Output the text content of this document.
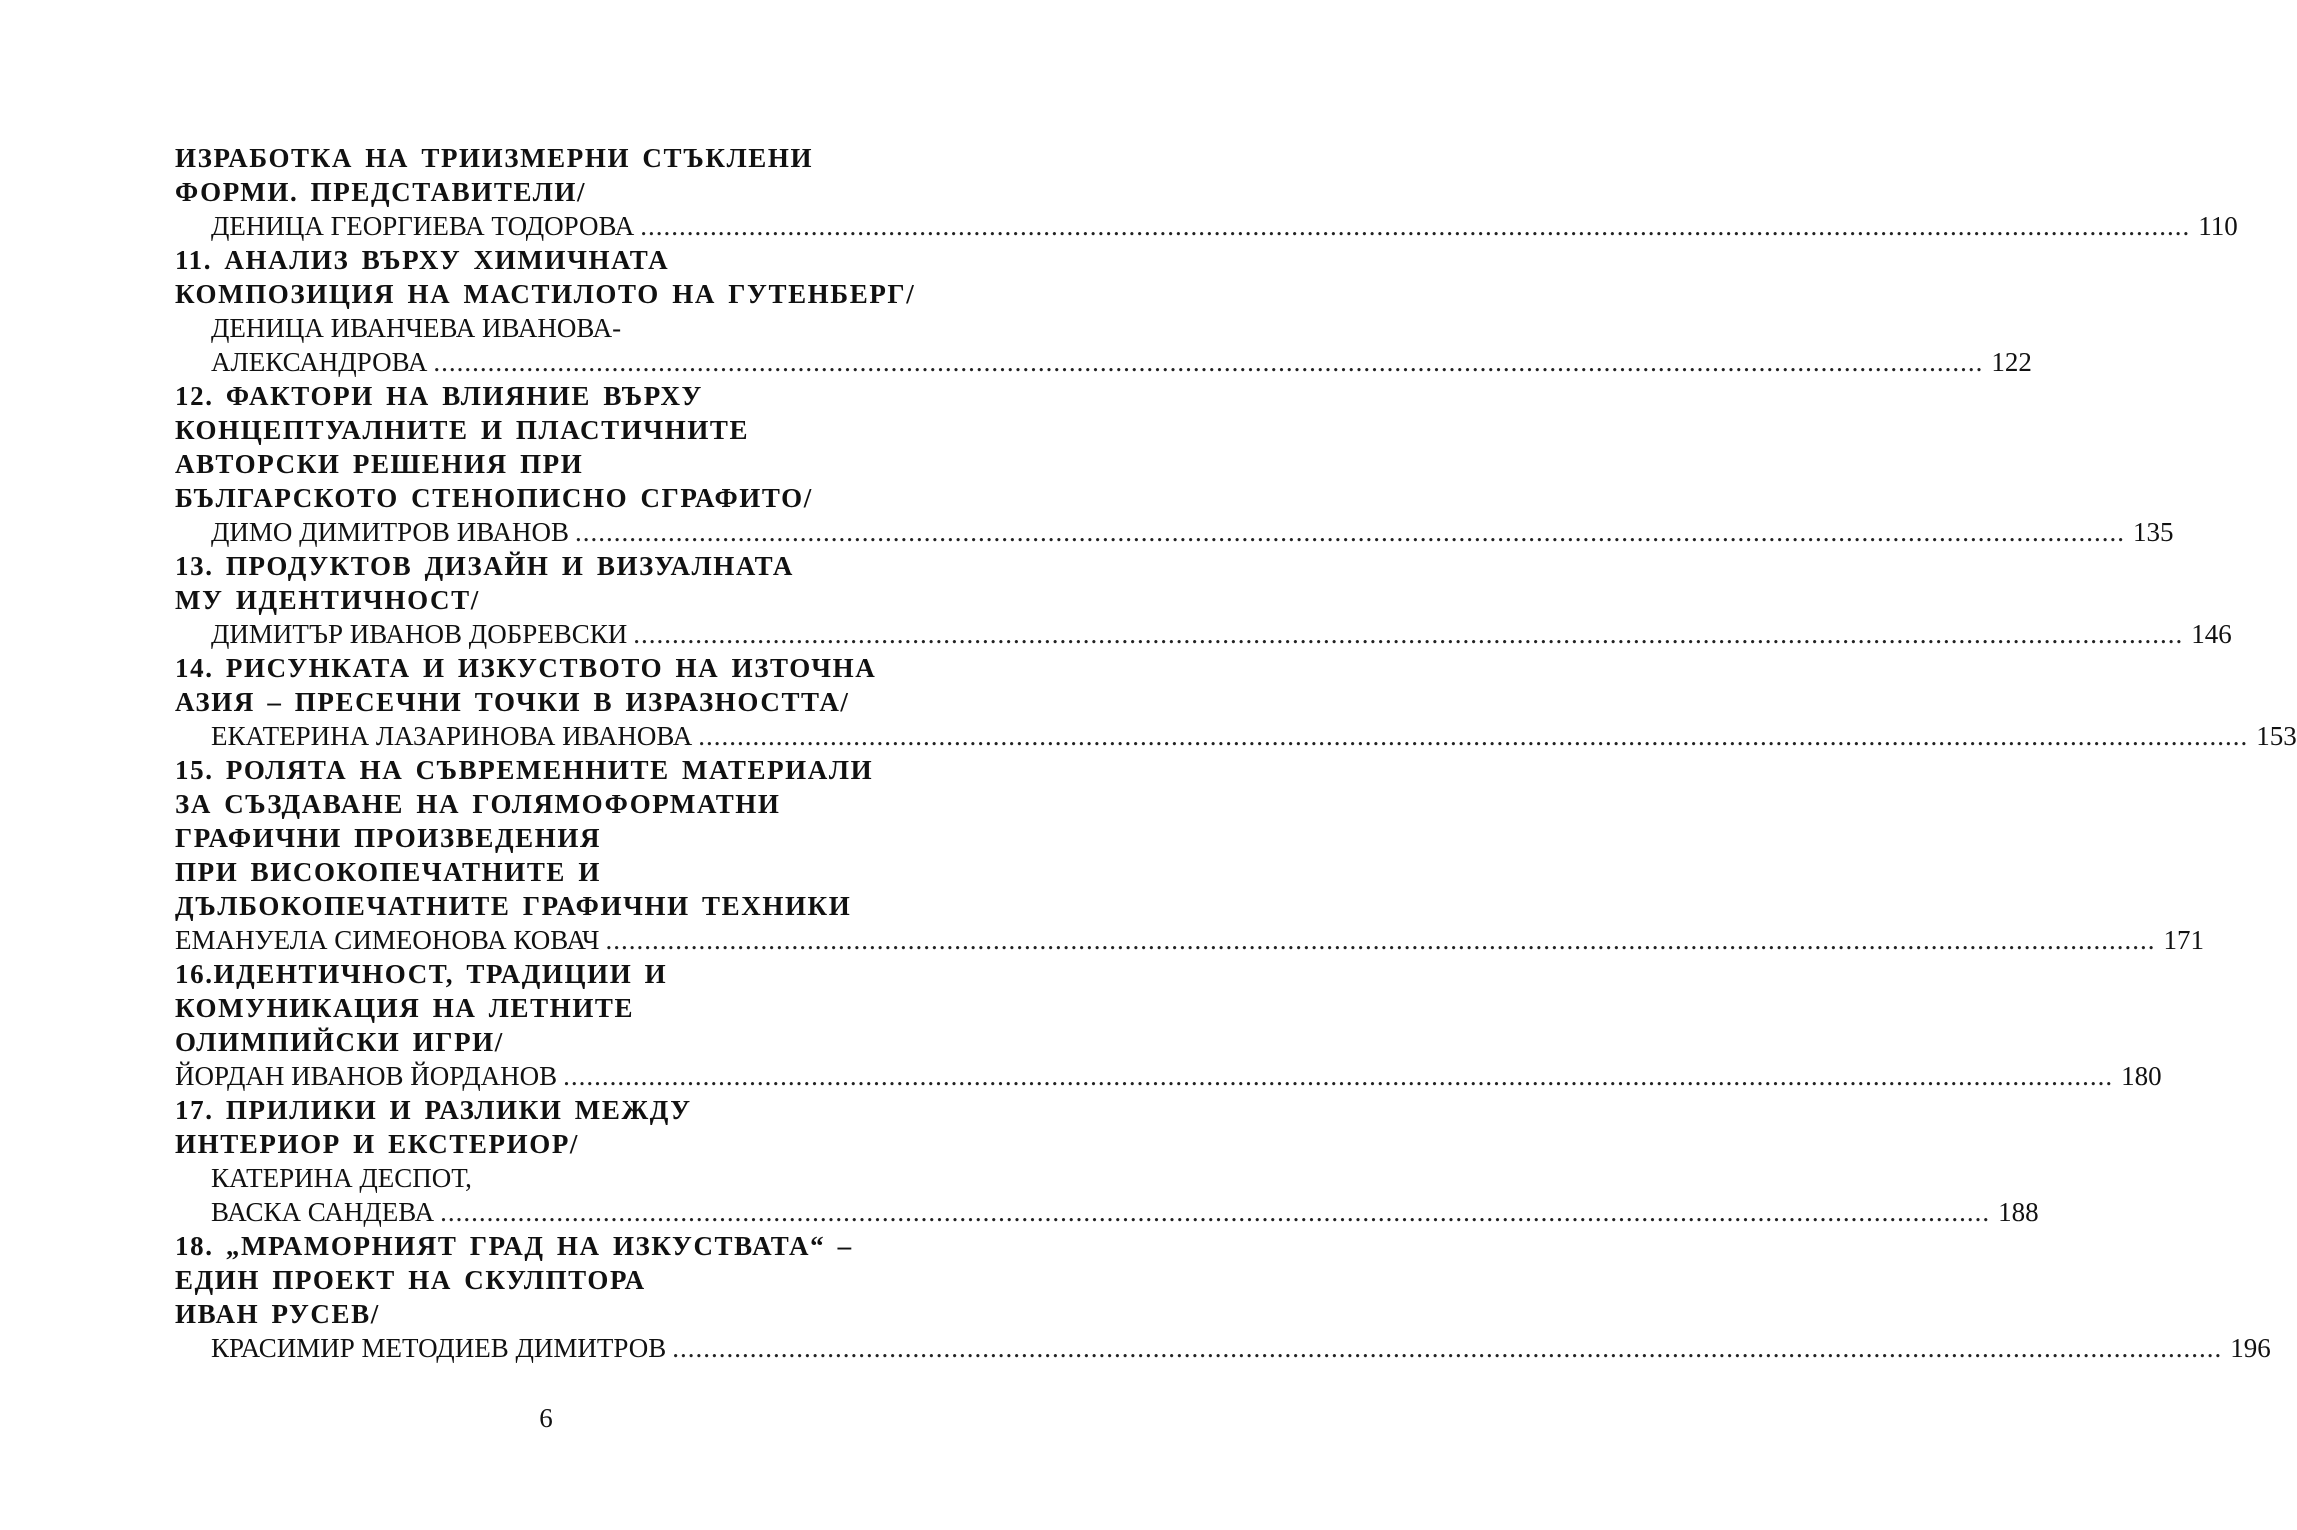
ИЗРАБОТКА НА ТРИИЗМЕРНИ СТЪКЛЕНИ
ФОРМИ. ПРЕДСТАВИТЕЛИ/
ДЕНИЦА ГЕОРГИЕВА ТОДОРОВА ........................................................................................................................................................................................................ 110
11. АНАЛИЗ ВЪРХУ ХИМИЧНАТА
КОМПОЗИЦИЯ НА МАСТИЛОТО НА ГУТЕНБЕРГ/
ДЕНИЦА ИВАНЧЕВА ИВАНОВА-
АЛЕКСАНДРОВА ........................................................................................................................................................................................................ 122
12. ФАКТОРИ НА ВЛИЯНИЕ ВЪРХУ
КОНЦЕПТУАЛНИТЕ И ПЛАСТИЧНИТЕ
АВТОРСКИ РЕШЕНИЯ ПРИ
БЪЛГАРСКОТО СТЕНОПИСНО СГРАФИТО/
ДИМО ДИМИТРОВ ИВАНОВ ........................................................................................................................................................................................................ 135
13. ПРОДУКТОВ ДИЗАЙН И ВИЗУАЛНАТА
МУ ИДЕНТИЧНОСТ/
ДИМИТЪР ИВАНОВ ДОБРЕВСКИ ........................................................................................................................................................................................................ 146
14. РИСУНКАТА И ИЗКУСТВОТО НА ИЗТОЧНА
АЗИЯ – ПРЕСЕЧНИ ТОЧКИ В ИЗРАЗНОСТТА/
ЕКАТЕРИНА ЛАЗАРИНОВА ИВАНОВА ........................................................................................................................................................................................................ 153
15. РОЛЯТА НА СЪВРЕМЕННИТЕ МАТЕРИАЛИ
ЗА СЪЗДАВАНЕ НА ГОЛЯМОФОРМАТНИ
ГРАФИЧНИ ПРОИЗВЕДЕНИЯ
ПРИ ВИСОКОПЕЧАТНИТЕ И
ДЪЛБОКОПЕЧАТНИТЕ ГРАФИЧНИ ТЕХНИКИ
ЕМАНУЕЛА СИМЕОНОВА КОВАЧ ........................................................................................................................................................................................................ 171
16.ИДЕНТИЧНОСТ, ТРАДИЦИИ И
КОМУНИКАЦИЯ НА ЛЕТНИТЕ
ОЛИМПИЙСКИ ИГРИ/
ЙОРДАН ИВАНОВ ЙОРДАНОВ ........................................................................................................................................................................................................ 180
17. ПРИЛИКИ И РАЗЛИКИ МЕЖДУ
ИНТЕРИОР И ЕКСТЕРИОР/
КАТЕРИНА ДЕСПОТ,
ВАСКА САНДЕВА ........................................................................................................................................................................................................ 188
18. „МРАМОРНИЯТ ГРАД НА ИЗКУСТВАТА“ –
ЕДИН ПРОЕКТ НА СКУЛПТОРА
ИВАН РУСЕВ/
КРАСИМИР МЕТОДИЕВ ДИМИТРОВ ........................................................................................................................................................................................................ 196
6
